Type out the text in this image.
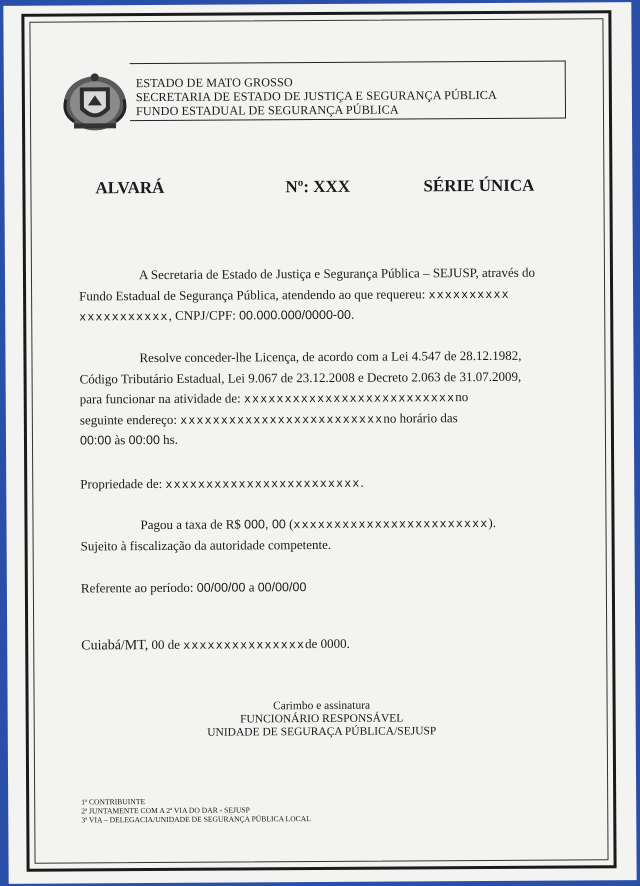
ESTADO DE MATO GROSSO
SECRETARIA DE ESTADO DE JUSTIÇA E SEGURANÇA PÚBLICA
FUNDO ESTADUAL DE SEGURANÇA PÚBLICA
ALVARÁ	Nº: XXX	SÉRIE ÚNICA
A Secretaria de Estado de Justiça e Segurança Pública – SEJUSP, através do
Fundo Estadual de Segurança Pública, atendendo ao que requereu: xxxxxxxxxx
xxxxxxxxxxx, CNPJ/CPF: 00.000.000/0000-00.
Resolve conceder-lhe Licença, de acordo com a Lei 4.547 de 28.12.1982,
Código Tributário Estadual, Lei 9.067 de 23.12.2008 e Decreto 2.063 de 31.07.2009,
para funcionar na atividade de: xxxxxxxxxxxxxxxxxxxxxxxxxxno
seguinte endereço: xxxxxxxxxxxxxxxxxxxxxxxxxno horário das
00:00 às 00:00 hs.
Propriedade de: xxxxxxxxxxxxxxxxxxxxxxxx.
Pagou a taxa de R$ 000, 00 (xxxxxxxxxxxxxxxxxxxxxxxx).
Sujeito à fiscalização da autoridade competente.
Referente ao período: 00/00/00 a 00/00/00
Cuiabá/MT, 00 de xxxxxxxxxxxxxxxde 0000.
Carimbo e assinatura
FUNCIONÁRIO RESPONSÁVEL
UNIDADE DE SEGURAÇA PÚBLICA/SEJUSP
1ª CONTRIBUINTE
2ª JUNTAMENTE COM A 2ª VIA DO DAR - SEJUSP
3ª VIA – DELEGACIA/UNIDADE DE SEGURANÇA PÚBLICA LOCAL
